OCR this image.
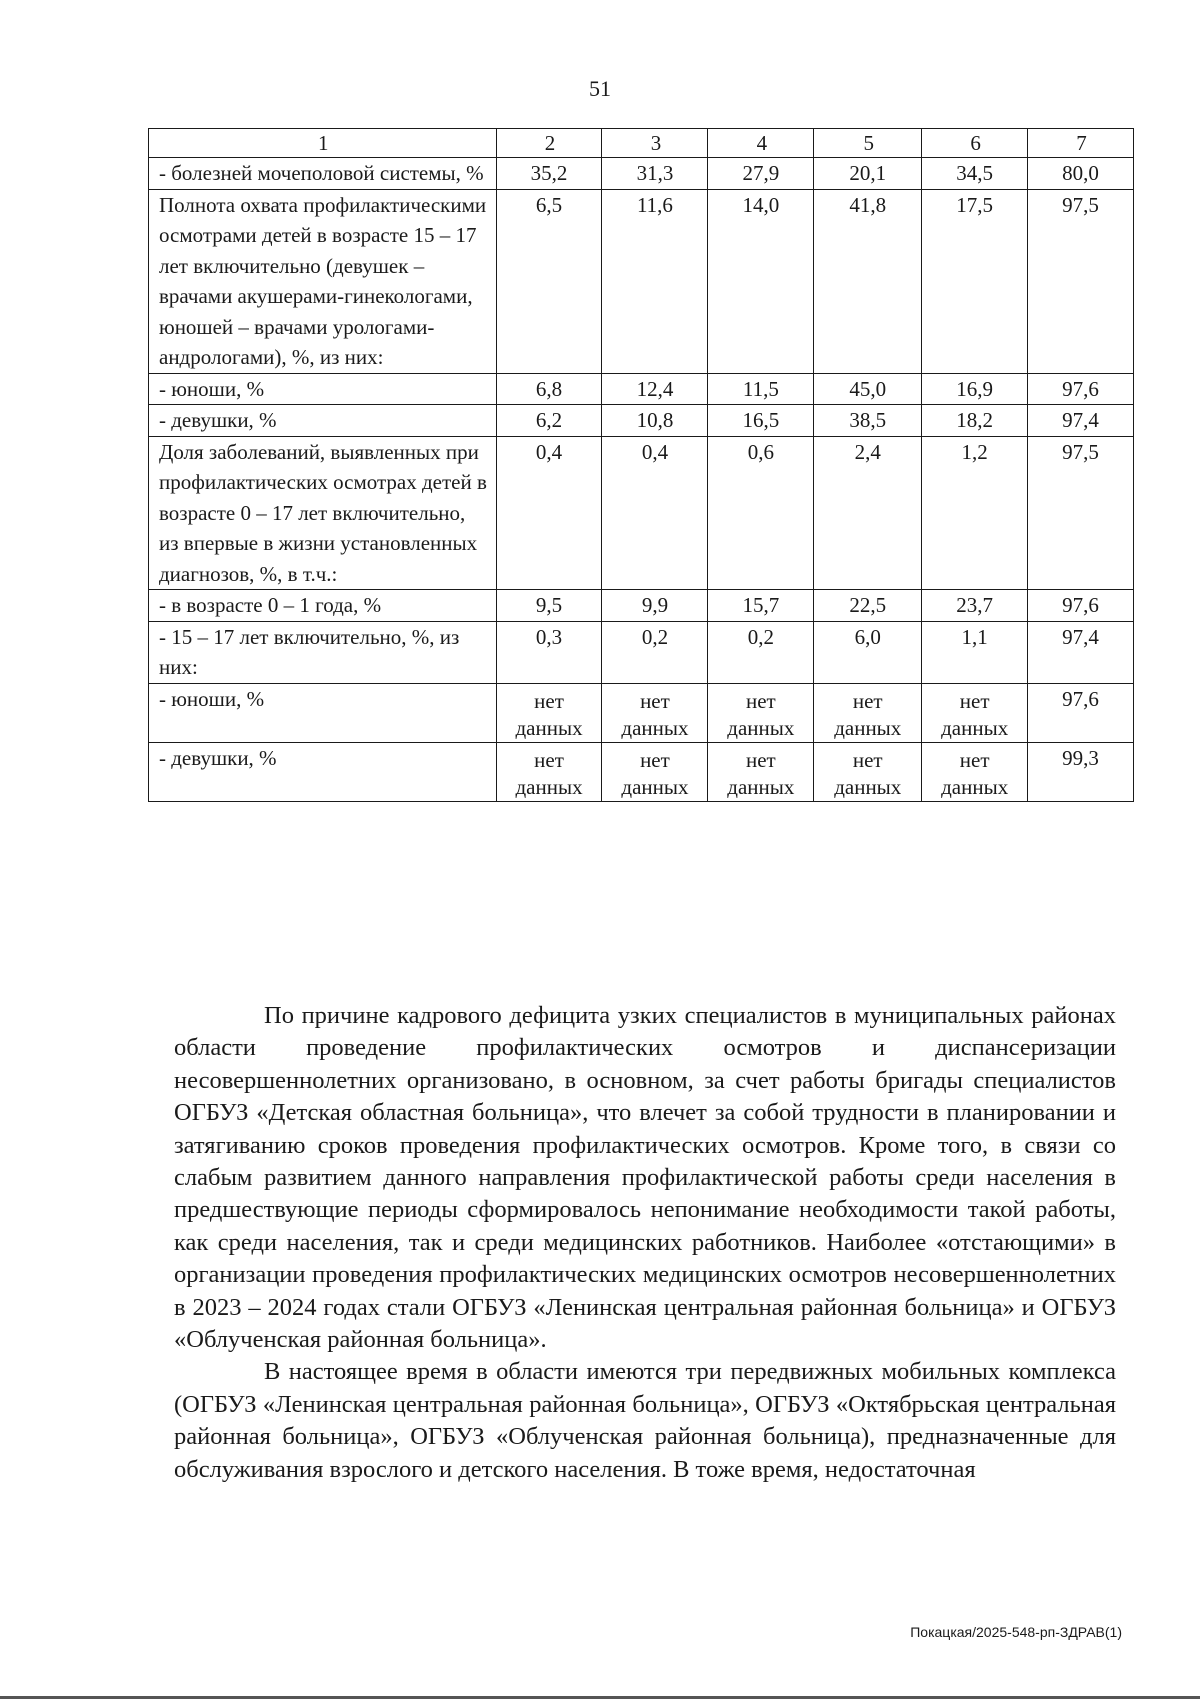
51
1	2	3	4	5	6	7
- болезней мочеполовой системы, %	35,2	31,3	27,9	20,1	34,5	80,0
Полнота охвата профилактическими осмотрами детей в возрасте 15 – 17 лет включительно (девушек – врачами акушерами-гинекологами, юношей – врачами урологами-андрологами), %, из них:	6,5	11,6	14,0	41,8	17,5	97,5
- юноши, %	6,8	12,4	11,5	45,0	16,9	97,6
- девушки, %	6,2	10,8	16,5	38,5	18,2	97,4
Доля заболеваний, выявленных при профилактических осмотрах детей в возрасте 0 – 17 лет включительно, из впервые в жизни установленных диагнозов, %, в т.ч.:	0,4	0,4	0,6	2,4	1,2	97,5
- в возрасте 0 – 1 года, %	9,5	9,9	15,7	22,5	23,7	97,6
- 15 – 17 лет включительно, %, из них:	0,3	0,2	0,2	6,0	1,1	97,4
- юноши, %	нет данных	нет данных	нет данных	нет данных	нет данных	97,6
- девушки, %	нет данных	нет данных	нет данных	нет данных	нет данных	99,3

По причине кадрового дефицита узких специалистов в муниципальных районах области проведение профилактических осмотров и диспансеризации несовершеннолетних организовано, в основном, за счет работы бригады специалистов ОГБУЗ «Детская областная больница», что влечет за собой трудности в планировании и затягиванию сроков проведения профилактических осмотров. Кроме того, в связи со слабым развитием данного направления профилактической работы среди населения в предшествующие периоды сформировалось непонимание необходимости такой работы, как среди населения, так и среди медицинских работников. Наиболее «отстающими» в организации проведения профилактических медицинских осмотров несовершеннолетних в 2023 – 2024 годах стали ОГБУЗ «Ленинская центральная районная больница» и ОГБУЗ «Облученская районная больница».

В настоящее время в области имеются три передвижных мобильных комплекса (ОГБУЗ «Ленинская центральная районная больница», ОГБУЗ «Октябрьская центральная районная больница», ОГБУЗ «Облученская районная больница), предназначенные для обслуживания взрослого и детского населения. В тоже время, недостаточная

Покацкая/2025-548-рп-ЗДРАВ(1)
